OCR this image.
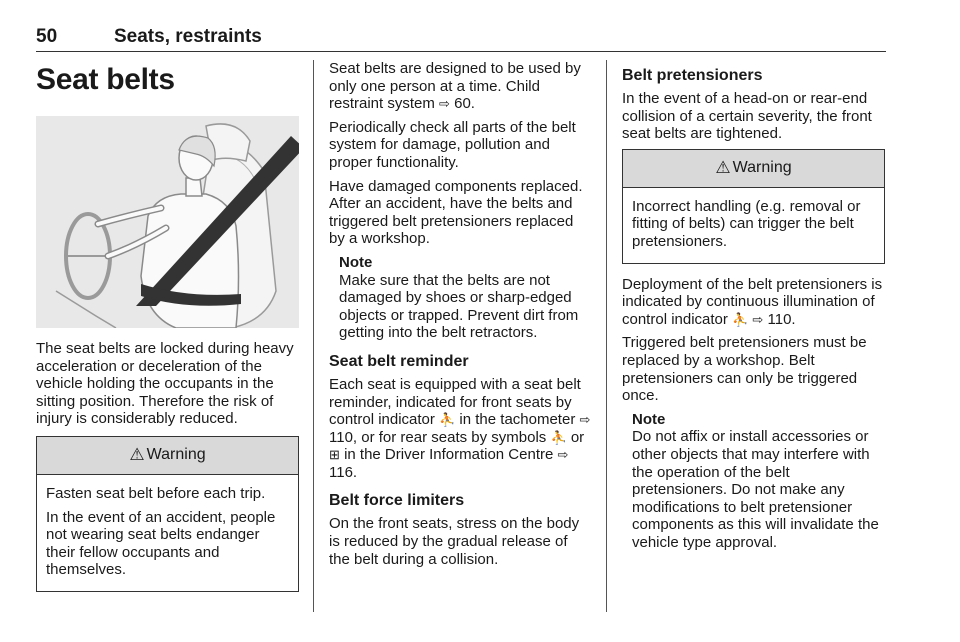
50	Seats, restraints
Seat belts

The seat belts are locked during heavy acceleration or deceleration of the vehicle holding the occupants in the sitting position. Therefore the risk of injury is considerably reduced.

⚠ Warning

Fasten seat belt before each trip.

In the event of an accident, people not wearing seat belts endanger their fellow occupants and themselves.

Seat belts are designed to be used by only one person at a time. Child restraint system ⇨ 60.

Periodically check all parts of the belt system for damage, pollution and proper functionality.

Have damaged components replaced. After an accident, have the belts and triggered belt pretensioners replaced by a workshop.

Note

Make sure that the belts are not damaged by shoes or sharp-edged objects or trapped. Prevent dirt from getting into the belt retractors.

Seat belt reminder

Each seat is equipped with a seat belt reminder, indicated for front seats by control indicator ⛹ in the tachometer ⇨ 110, or for rear seats by symbols ⛹ or ⊞ in the Driver Information Centre ⇨ 116.

Belt force limiters

On the front seats, stress on the body is reduced by the gradual release of the belt during a collision.

Belt pretensioners

In the event of a head-on or rear-end collision of a certain severity, the front seat belts are tightened.

⚠ Warning

Incorrect handling (e.g. removal or fitting of belts) can trigger the belt pretensioners.

Deployment of the belt pretensioners is indicated by continuous illumination of control indicator ⛹ ⇨ 110.

Triggered belt pretensioners must be replaced by a workshop. Belt pretensioners can only be triggered once.

Note

Do not affix or install accessories or other objects that may interfere with the operation of the belt pretensioners. Do not make any modifications to belt pretensioner components as this will invalidate the vehicle type approval.
